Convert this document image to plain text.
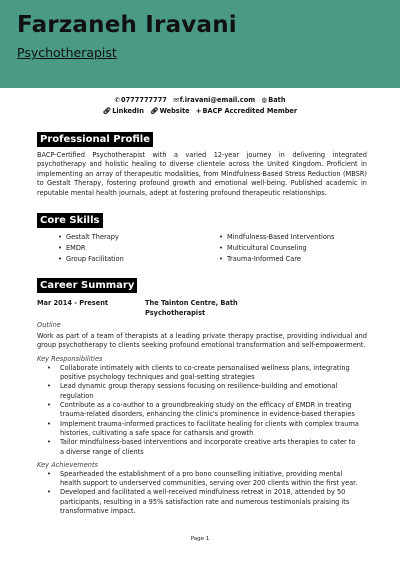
Farzaneh Iravani
Psychotherapist
✆0777777777 ✉f.iravani@email.com ◍Bath
🔗︎LinkedIn 🔗︎Website +BACP Accredited Member
Professional Profile

BACP-Certified Psychotherapist with a varied 12-year journey in delivering integrated psychotherapy and holistic healing to diverse clientele across the United Kingdom. Proficient in implementing an array of therapeutic modalities, from Mindfulness-Based Stress Reduction (MBSR) to Gestalt Therapy, fostering profound growth and emotional well-being. Published academic in reputable mental health journals, adept at fostering profound therapeutic relationships.

Core Skills
• Gestalt Therapy
• EMDR
• Group Facilitation
• Mindfulness-Based Interventions
• Multicultural Counseling
• Trauma-Informed Care
Career Summary
Mar 2014 - Present	The Tainton Centre, Bath
Psychotherapist
Outline

Work as part of a team of therapists at a leading private therapy practise, providing individual and group psychotherapy to clients seeking profound emotional transformation and self-empowerment.

Key Responsibilities
• Collaborate intimately with clients to co-create personalised wellness plans, integrating positive psychology techniques and goal-setting strategies
• Lead dynamic group therapy sessions focusing on resilience-building and emotional regulation
• Contribute as a co-author to a groundbreaking study on the efficacy of EMDR in treating trauma-related disorders, enhancing the clinic's prominence in evidence-based therapies
• Implement trauma-informed practices to facilitate healing for clients with complex trauma histories, cultivating a safe space for catharsis and growth
• Tailor mindfulness-based interventions and incorporate creative arts therapies to cater to a diverse range of clients
Key Achievements
• Spearheaded the establishment of a pro bono counselling initiative, providing mental health support to underserved communities, serving over 200 clients within the first year.
• Developed and facilitated a well-received mindfulness retreat in 2018, attended by 50 participants, resulting in a 95% satisfaction rate and numerous testimonials praising its transformative impact.
Page 1
